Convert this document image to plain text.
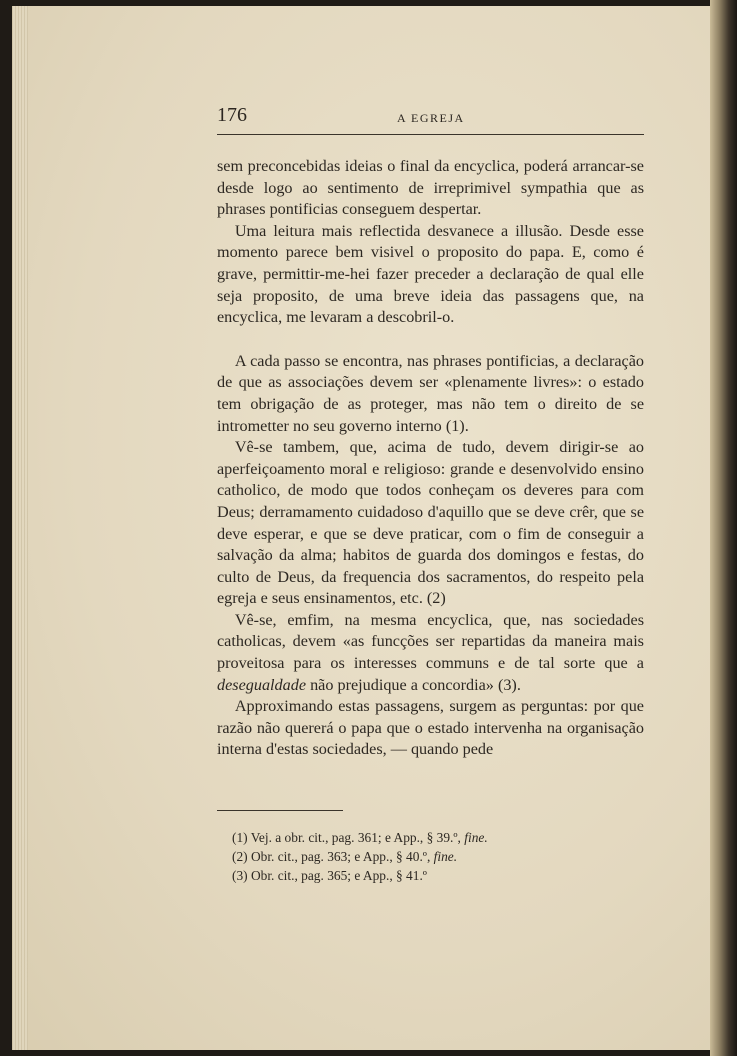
176	A EGREJA

sem preconcebidas ideias o final da encyclica, poderá arrancar-se desde logo ao sentimento de irreprimivel sympathia que as phrases pontificias conseguem despertar.

Uma leitura mais reflectida desvanece a illusão. Desde esse momento parece bem visivel o proposito do papa. E, como é grave, permittir-me-hei fazer preceder a declaração de qual elle seja proposito, de uma breve ideia das passagens que, na encyclica, me levaram a descobril-o.

A cada passo se encontra, nas phrases pontificias, a declaração de que as associações devem ser «plenamente livres»: o estado tem obrigação de as proteger, mas não tem o direito de se intrometter no seu governo interno (1).

Vê-se tambem, que, acima de tudo, devem dirigir-se ao aperfeiçoamento moral e religioso: grande e desenvolvido ensino catholico, de modo que todos conheçam os deveres para com Deus; derramamento cuidadoso d'aquillo que se deve crêr, que se deve esperar, e que se deve praticar, com o fim de conseguir a salvação da alma; habitos de guarda dos domingos e festas, do culto de Deus, da frequencia dos sacramentos, do respeito pela egreja e seus ensinamentos, etc. (2)

Vê-se, emfim, na mesma encyclica, que, nas sociedades catholicas, devem «as funcções ser repartidas da maneira mais proveitosa para os interesses communs e de tal sorte que a desegualdade não prejudique a concordia» (3).

Approximando estas passagens, surgem as perguntas: por que razão não quererá o papa que o estado intervenha na organisação interna d'estas sociedades, — quando pede

(1) Vej. a obr. cit., pag. 361; e App., § 39.º, fine.
(2) Obr. cit., pag. 363; e App., § 40.º, fine.
(3) Obr. cit., pag. 365; e App., § 41.º
